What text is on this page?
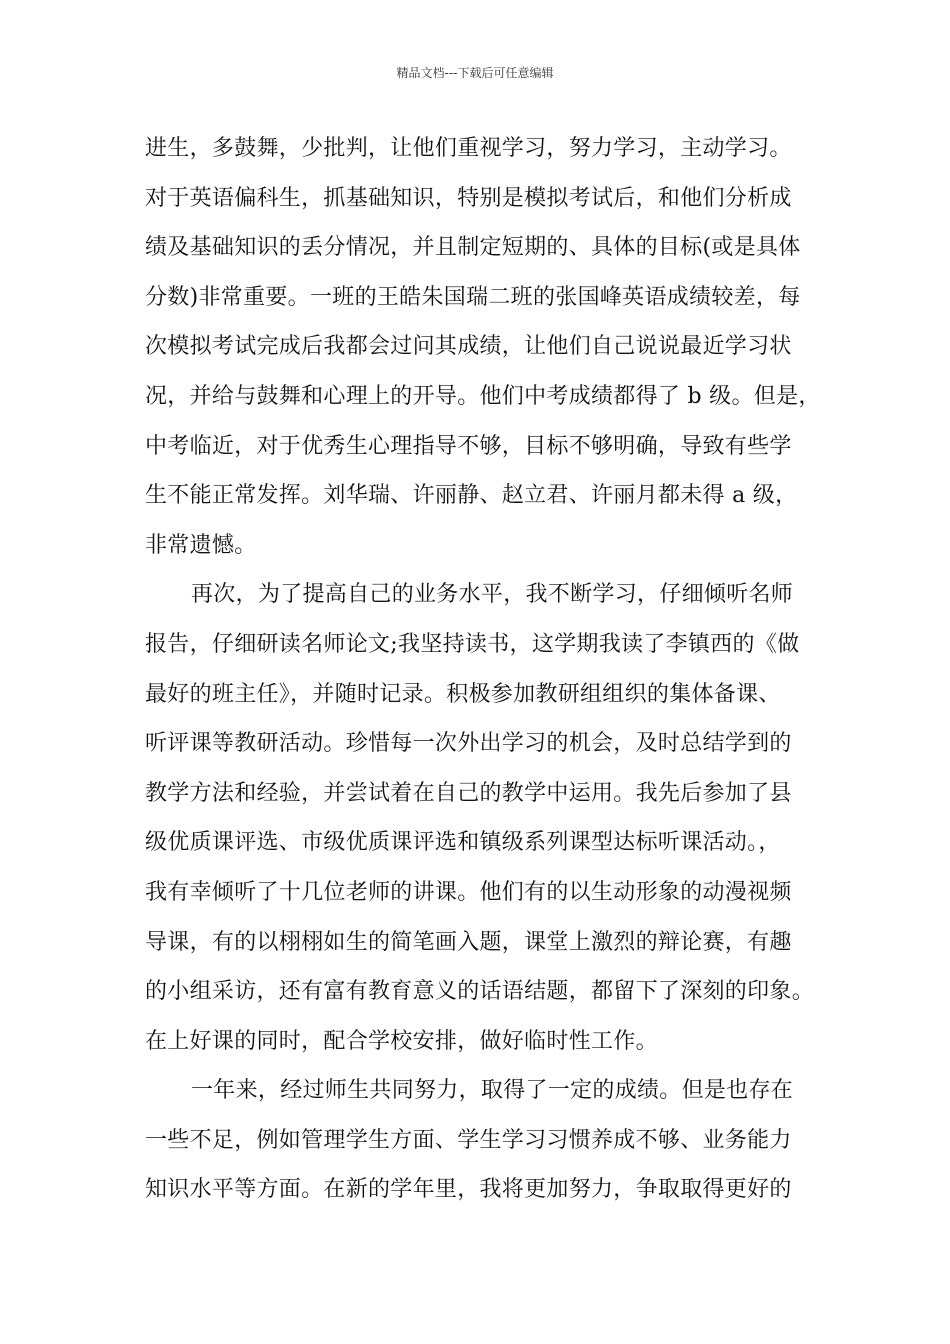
精品文档---下载后可任意编辑
进生，多鼓舞，少批判，让他们重视学习，努力学习，主动学习。
对于英语偏科生，抓基础知识，特别是模拟考试后，和他们分析成
绩及基础知识的丢分情况，并且制定短期的、具体的目标(或是具体
分数)非常重要。一班的王皓朱国瑞二班的张国峰英语成绩较差，每
次模拟考试完成后我都会过问其成绩，让他们自己说说最近学习状
况，并给与鼓舞和心理上的开导。他们中考成绩都得了 b 级。但是，
中考临近，对于优秀生心理指导不够，目标不够明确，导致有些学
生不能正常发挥。刘华瑞、许丽静、赵立君、许丽月都未得 a 级，
非常遗憾。
再次，为了提高自己的业务水平，我不断学习，仔细倾听名师
报告，仔细研读名师论文;我坚持读书，这学期我读了李镇西的《做
最好的班主任》，并随时记录。积极参加教研组组织的集体备课、
听评课等教研活动。珍惜每一次外出学习的机会，及时总结学到的
教学方法和经验，并尝试着在自己的教学中运用。我先后参加了县
级优质课评选、市级优质课评选和镇级系列课型达标听课活动。，
我有幸倾听了十几位老师的讲课。他们有的以生动形象的动漫视频
导课，有的以栩栩如生的简笔画入题，课堂上激烈的辩论赛，有趣
的小组采访，还有富有教育意义的话语结题，都留下了深刻的印象。
在上好课的同时，配合学校安排，做好临时性工作。
一年来，经过师生共同努力，取得了一定的成绩。但是也存在
一些不足，例如管理学生方面、学生学习习惯养成不够、业务能力
知识水平等方面。在新的学年里，我将更加努力，争取取得更好的
